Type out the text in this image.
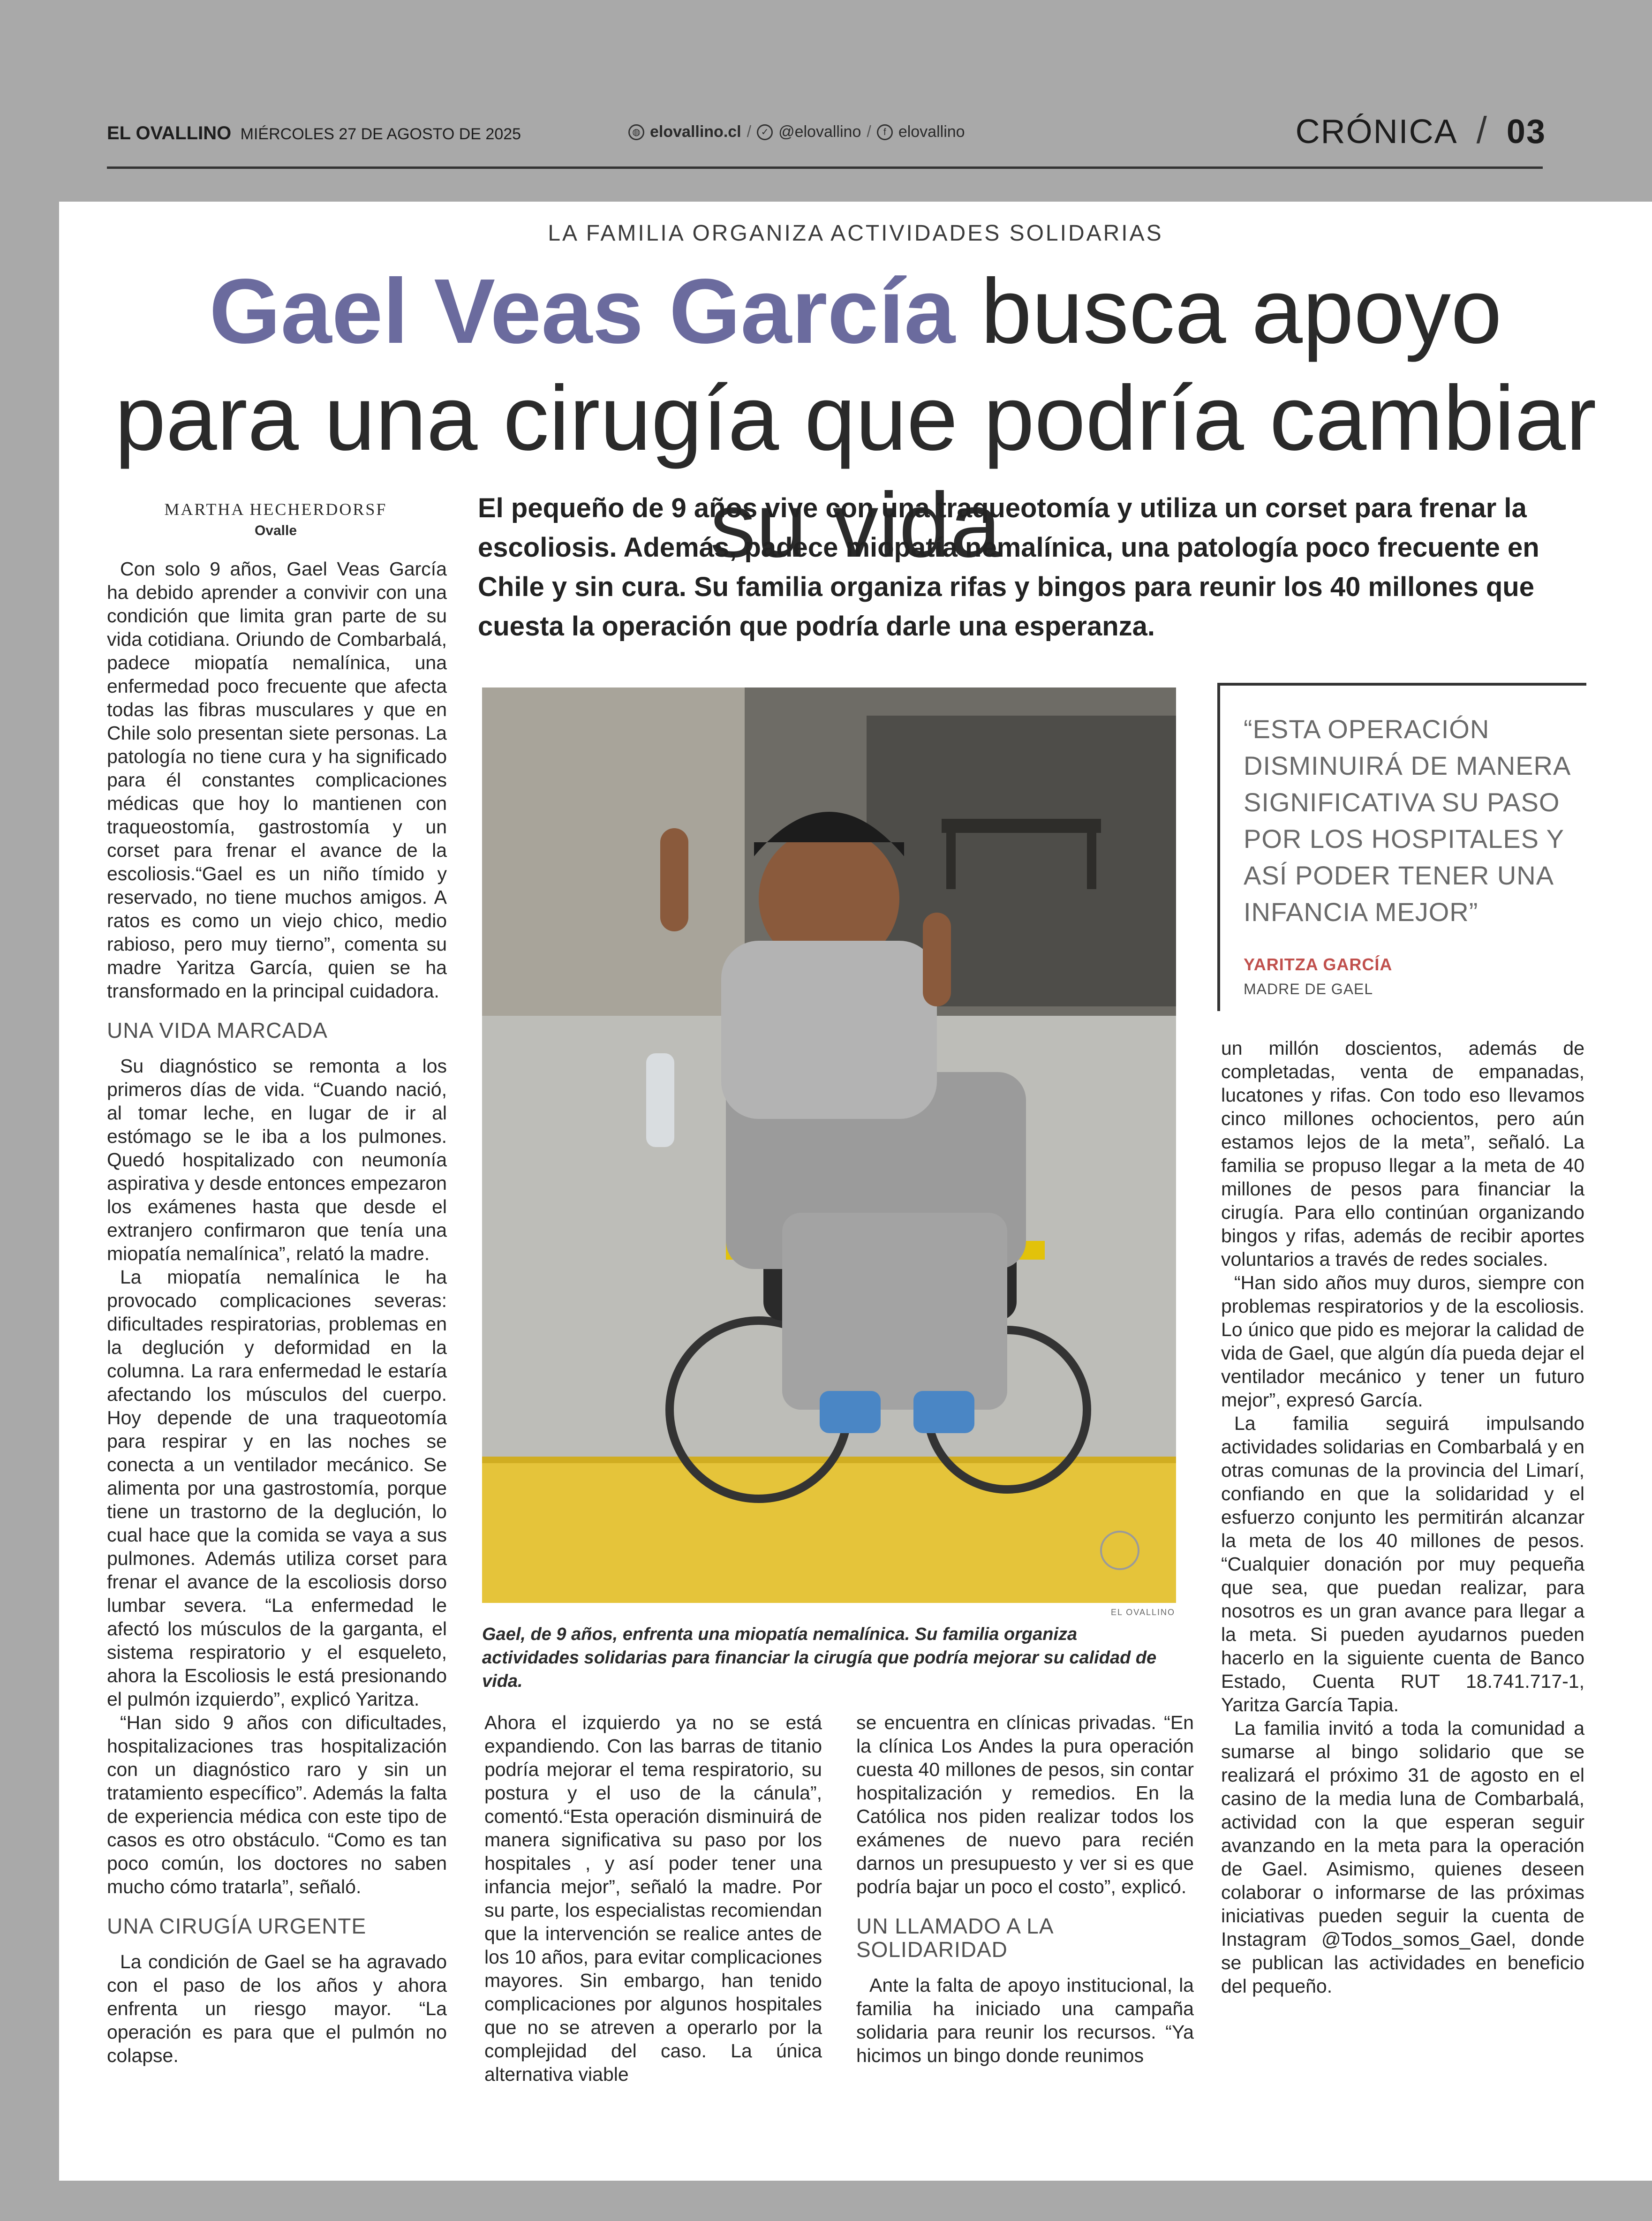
EL OVALLINO MIÉRCOLES 27 DE AGOSTO DE 2025	◍ elovallino.cl /	✓ @elovallino /	f elovallino	CRÓNICA / 03
LA FAMILIA ORGANIZA ACTIVIDADES SOLIDARIAS
Gael Veas García busca apoyo para una cirugía que podría cambiar su vida
MARTHA HECHERDORSF
Ovalle
El pequeño de 9 años vive con una traqueotomía y utiliza un corset para frenar la escoliosis. Además, padece miopatía nemalínica, una patología poco frecuente en Chile y sin cura. Su familia organiza rifas y bingos para reunir los 40 millones que cuesta la operación que podría darle una esperanza.

Con solo 9 años, Gael Veas García ha debido aprender a convivir con una condición que limita gran parte de su vida cotidiana. Oriundo de Combarbalá, padece miopatía nemalínica, una enfermedad poco frecuente que afecta todas las fibras musculares y que en Chile solo presentan siete personas. La patología no tiene cura y ha significado para él constantes complicaciones médicas que hoy lo mantienen con traqueostomía, gastrostomía y un corset para frenar el avance de la escoliosis.“Gael es un niño tímido y reservado, no tiene muchos amigos. A ratos es como un viejo chico, medio rabioso, pero muy tierno”, comenta su madre Yaritza García, quien se ha transformado en la principal cuidadora.

UNA VIDA MARCADA

Su diagnóstico se remonta a los primeros días de vida. “Cuando nació, al tomar leche, en lugar de ir al estómago se le iba a los pulmones. Quedó hospitalizado con neumonía aspirativa y desde entonces empezaron los exámenes hasta que desde el extranjero confirmaron que tenía una miopatía nemalínica”, relató la madre.

La miopatía nemalínica le ha provocado complicaciones severas: dificultades respiratorias, problemas en la deglución y deformidad en la columna. La rara enfermedad le estaría afectando los músculos del cuerpo. Hoy depende de una traqueotomía para respirar y en las noches se conecta a un ventilador mecánico. Se alimenta por una gastrostomía, porque tiene un trastorno de la deglución, lo cual hace que la comida se vaya a sus pulmones. Además utiliza corset para frenar el avance de la escoliosis dorso lumbar severa. “La enfermedad le afectó los músculos de la garganta, el sistema respiratorio y el esqueleto, ahora la Escoliosis le está presionando el pulmón izquierdo”, explicó Yaritza.

“Han sido 9 años con dificultades, hospitalizaciones tras hospitalización con un diagnóstico raro y sin un tratamiento específico”. Además la falta de experiencia médica con este tipo de casos es otro obstáculo. “Como es tan poco común, los doctores no saben mucho cómo tratarla”, señaló.

UNA CIRUGÍA URGENTE

La condición de Gael se ha agravado con el paso de los años y ahora enfrenta un riesgo mayor. “La operación es para que el pulmón no colapse.

EL OVALLINO
Gael, de 9 años, enfrenta una miopatía nemalínica. Su familia organiza actividades solidarias para financiar la cirugía que podría mejorar su calidad de vida.
“ESTA OPERACIÓN DISMINUIRÁ DE MANERA SIGNIFICATIVA SU PASO POR LOS HOSPITALES Y ASÍ PODER TENER UNA INFANCIA MEJOR”
YARITZA GARCÍA
MADRE DE GAEL

Ahora el izquierdo ya no se está expandiendo. Con las barras de titanio podría mejorar el tema respiratorio, su postura y el uso de la cánula”, comentó.“Esta operación disminuirá de manera significativa su paso por los hospitales , y así poder tener una infancia mejor”, señaló la madre. Por su parte, los especialistas recomiendan que la intervención se realice antes de los 10 años, para evitar complicaciones mayores. Sin embargo, han tenido complicaciones por algunos hospitales que no se atreven a operarlo por la complejidad del caso. La única alternativa viable

se encuentra en clínicas privadas. “En la clínica Los Andes la pura operación cuesta 40 millones de pesos, sin contar hospitalización y remedios. En la Católica nos piden realizar todos los exámenes de nuevo para recién darnos un presupuesto y ver si es que podría bajar un poco el costo”, explicó.

UN LLAMADO A LA SOLIDARIDAD

Ante la falta de apoyo institucional, la familia ha iniciado una campaña solidaria para reunir los recursos. “Ya hicimos un bingo donde reunimos

un millón doscientos, además de completadas, venta de empanadas, lucatones y rifas. Con todo eso llevamos cinco millones ochocientos, pero aún estamos lejos de la meta”, señaló. La familia se propuso llegar a la meta de 40 millones de pesos para financiar la cirugía. Para ello continúan organizando bingos y rifas, además de recibir aportes voluntarios a través de redes sociales.

“Han sido años muy duros, siempre con problemas respiratorios y de la escoliosis. Lo único que pido es mejorar la calidad de vida de Gael, que algún día pueda dejar el ventilador mecánico y tener un futuro mejor”, expresó García.

La familia seguirá impulsando actividades solidarias en Combarbalá y en otras comunas de la provincia del Limarí, confiando en que la solidaridad y el esfuerzo conjunto les permitirán alcanzar la meta de los 40 millones de pesos. “Cualquier donación por muy pequeña que sea, que puedan realizar, para nosotros es un gran avance para llegar a la meta. Si pueden ayudarnos pueden hacerlo en la siguiente cuenta de Banco Estado, Cuenta RUT 18.741.717-1, Yaritza García Tapia.

La familia invitó a toda la comunidad a sumarse al bingo solidario que se realizará el próximo 31 de agosto en el casino de la media luna de Combarbalá, actividad con la que esperan seguir avanzando en la meta para la operación de Gael. Asimismo, quienes deseen colaborar o informarse de las próximas iniciativas pueden seguir la cuenta de Instagram @Todos_somos_Gael, donde se publican las actividades en beneficio del pequeño.
